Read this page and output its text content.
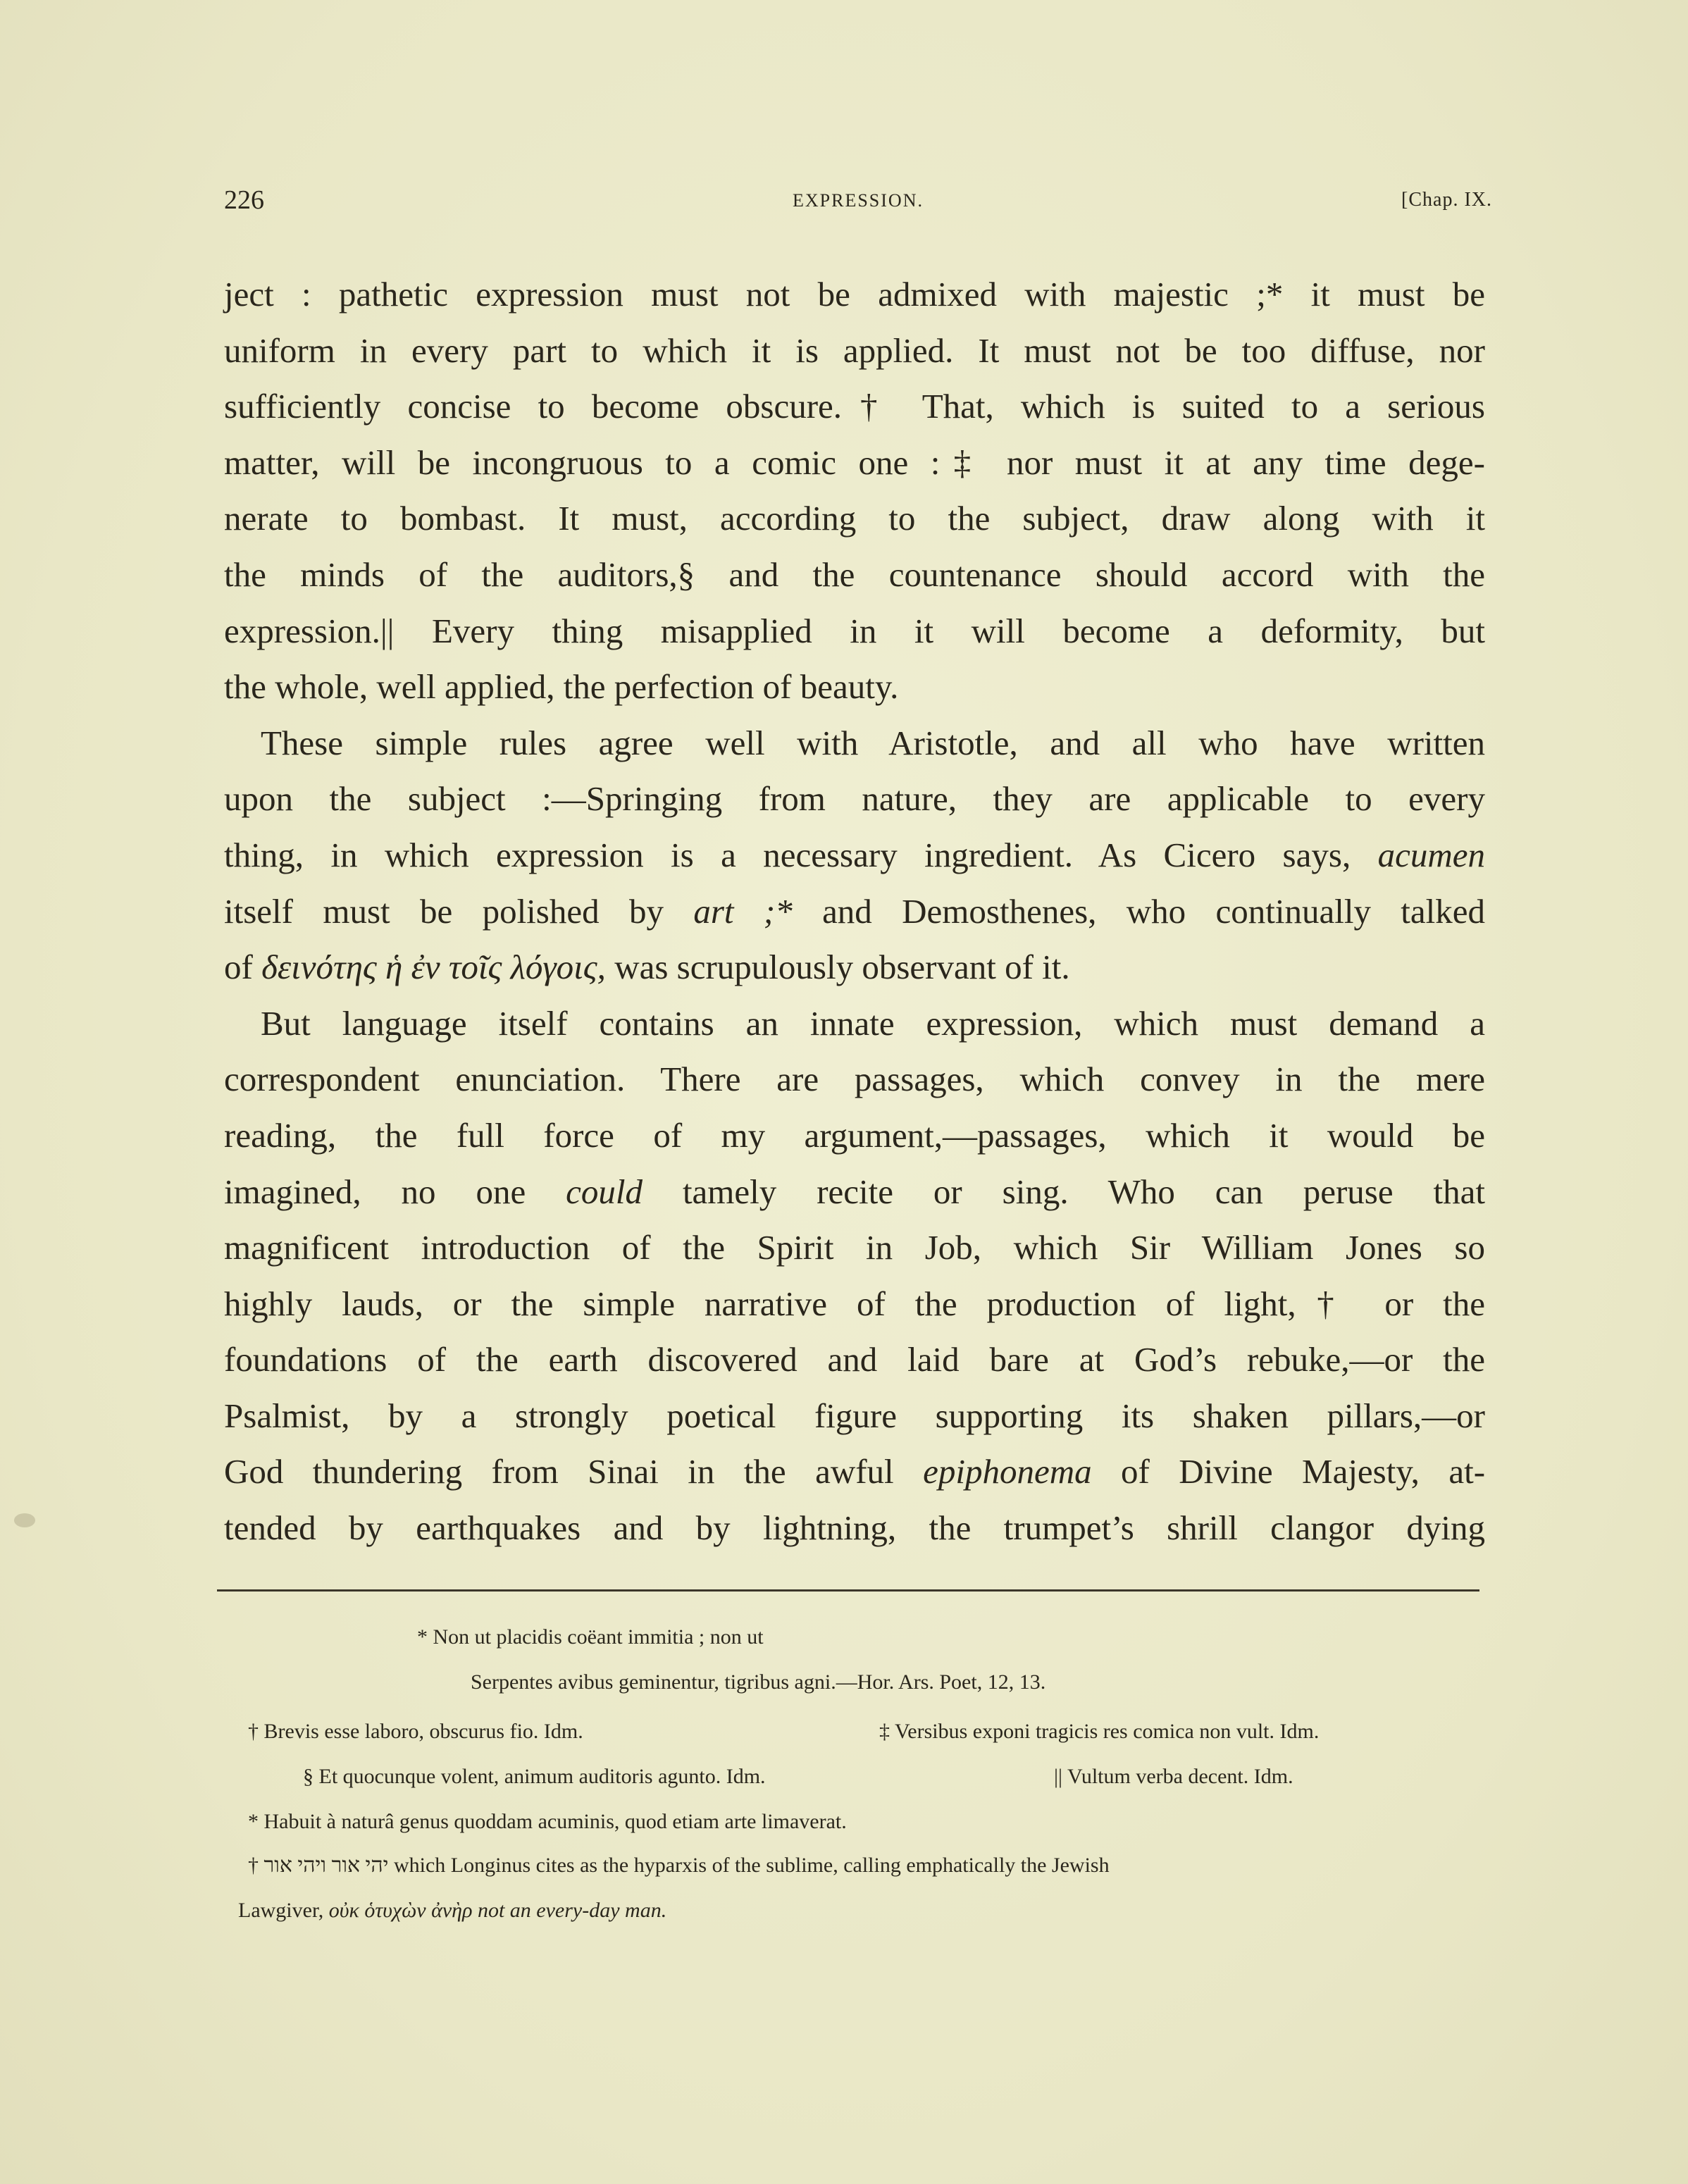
226	EXPRESSION.	[Chap. IX.
ject : pathetic expression must not be admixed with majestic ;* it must be
uniform in every part to which it is applied. It must not be too diffuse, nor
sufficiently concise to become obscure.† That, which is suited to a serious
matter, will be incongruous to a comic one :‡ nor must it at any time dege-
nerate to bombast. It must, according to the subject, draw along with it
the minds of the auditors,§ and the countenance should accord with the
expression.|| Every thing misapplied in it will become a deformity, but
the whole, well applied, the perfection of beauty.
These simple rules agree well with Aristotle, and all who have written
upon the subject :—Springing from nature, they are applicable to every
thing, in which expression is a necessary ingredient. As Cicero says, acumen
itself must be polished by art ;* and Demosthenes, who continually talked
of δεινότης ἡ ἐν τοῖς λόγοις, was scrupulously observant of it.
But language itself contains an innate expression, which must demand a
correspondent enunciation. There are passages, which convey in the mere
reading, the full force of my argument,—passages, which it would be
imagined, no one could tamely recite or sing. Who can peruse that
magnificent introduction of the Spirit in Job, which Sir William Jones so
highly lauds, or the simple narrative of the production of light,† or the
foundations of the earth discovered and laid bare at God’s rebuke,—or the
Psalmist, by a strongly poetical figure supporting its shaken pillars,—or
God thundering from Sinai in the awful epiphonema of Divine Majesty, at-
tended by earthquakes and by lightning, the trumpet’s shrill clangor dying
* Non ut placidis coëant immitia ; non ut
Serpentes avibus geminentur, tigribus agni.—Hor. Ars. Poet, 12, 13.
† Brevis esse laboro, obscurus fio. Idm.	‡ Versibus exponi tragicis res comica non vult. Idm.
§ Et quocunque volent, animum auditoris agunto. Idm.	|| Vultum verba decent. Idm.
* Habuit à naturâ genus quoddam acuminis, quod etiam arte limaverat.
† יהי אור ויהי אור which Longinus cites as the hyparxis of the sublime, calling emphatically the Jewish
Lawgiver, οὐκ ὁτυχὼν ἀνὴρ not an every-day man.
